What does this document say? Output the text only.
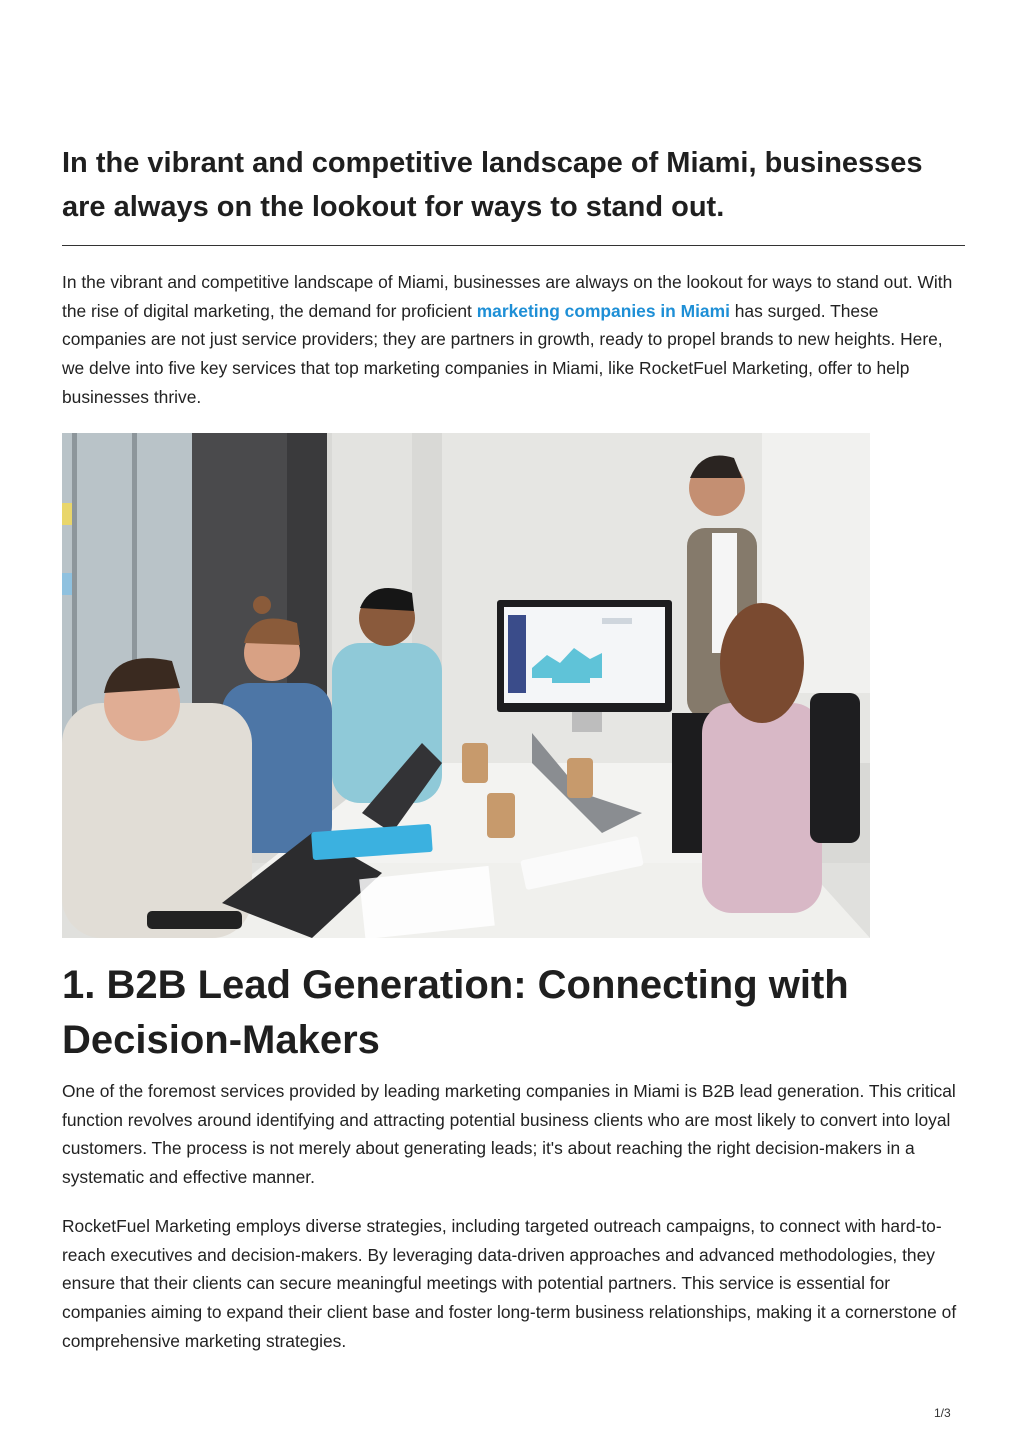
In the vibrant and competitive landscape of Miami, businesses are always on the lookout for ways to stand out.

In the vibrant and competitive landscape of Miami, businesses are always on the lookout for ways to stand out. With the rise of digital marketing, the demand for proficient marketing companies in Miami has surged. These companies are not just service providers; they are partners in growth, ready to propel brands to new heights. Here, we delve into five key services that top marketing companies in Miami, like RocketFuel Marketing, offer to help businesses thrive.

1. B2B Lead Generation: Connecting with Decision-Makers

One of the foremost services provided by leading marketing companies in Miami is B2B lead generation. This critical function revolves around identifying and attracting potential business clients who are most likely to convert into loyal customers. The process is not merely about generating leads; it's about reaching the right decision-makers in a systematic and effective manner.

RocketFuel Marketing employs diverse strategies, including targeted outreach campaigns, to connect with hard-to-reach executives and decision-makers. By leveraging data-driven approaches and advanced methodologies, they ensure that their clients can secure meaningful meetings with potential partners. This service is essential for companies aiming to expand their client base and foster long-term business relationships, making it a cornerstone of comprehensive marketing strategies.

1/3
